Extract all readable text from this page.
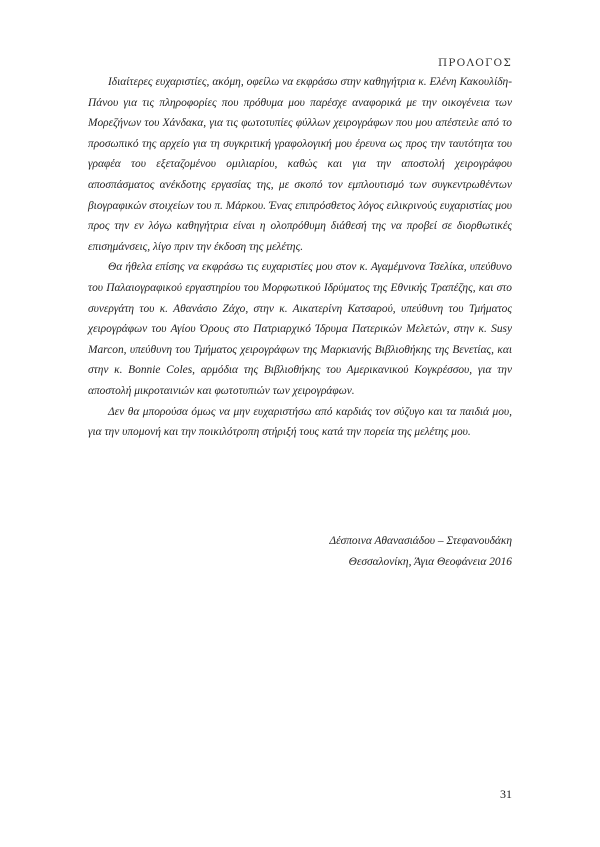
ΠΡΟΛΟΓΟΣ

Ιδιαίτερες ευχαριστίες, ακόμη, οφείλω να εκφράσω στην καθηγήτρια κ. Ελένη Κακουλίδη-Πάνου για τις πληροφορίες που πρόθυμα μου παρέσχε αναφορικά με την οικογένεια των Μορεζήνων του Χάνδακα, για τις φωτοτυπίες φύλλων χειρογράφων που μου απέστειλε από το προσωπικό της αρχείο για τη συγκριτική γραφολογική μου έρευνα ως προς την ταυτότητα του γραφέα του εξεταζομένου ομιλιαρίου, καθώς και για την αποστολή χειρογράφου αποσπάσματος ανέκδοτης εργασίας της, με σκοπό τον εμπλουτισμό των συγκεντρωθέντων βιογραφικών στοιχείων του π. Μάρκου. Ένας επιπρόσθετος λόγος ειλικρινούς ευχαριστίας μου προς την εν λόγω καθηγήτρια είναι η ολοπρόθυμη διάθεσή της να προβεί σε διορθωτικές επισημάνσεις, λίγο πριν την έκδοση της μελέτης.

Θα ήθελα επίσης να εκφράσω τις ευχαριστίες μου στον κ. Αγαμέμνονα Τσελίκα, υπεύθυνο του Παλαιογραφικού εργαστηρίου του Μορφωτικού Ιδρύματος της Εθνικής Τραπέζης, και στο συνεργάτη του κ. Αθανάσιο Ζάχο, στην κ. Αικατερίνη Κατσαρού, υπεύθυνη του Τμήματος χειρογράφων του Αγίου Όρους στο Πατριαρχικό Ίδρυμα Πατερικών Μελετών, στην κ. Susy Marcon, υπεύθυνη του Τμήματος χειρογράφων της Μαρκιανής Βιβλιοθήκης της Βενετίας, και στην κ. Bonnie Coles, αρμόδια της Βιβλιοθήκης του Αμερικανικού Κογκρέσσου, για την αποστολή μικροταινιών και φωτοτυπιών των χειρογράφων.

Δεν θα μπορούσα όμως να μην ευχαριστήσω από καρδιάς τον σύζυγο και τα παιδιά μου, για την υπομονή και την ποικιλότροπη στήριξή τους κατά την πορεία της μελέτης μου.

Δέσποινα Αθανασιάδου – Στεφανουδάκη
Θεσσαλονίκη, Άγια Θεοφάνεια 2016
31
